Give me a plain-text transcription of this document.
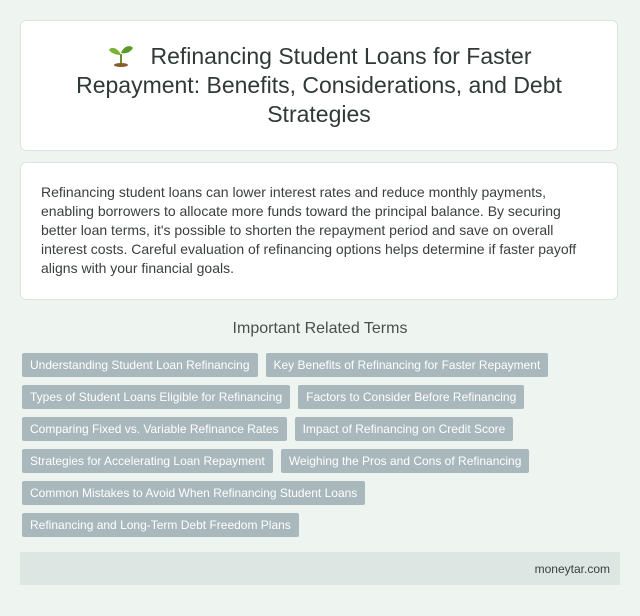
Refinancing Student Loans for Faster Repayment: Benefits, Considerations, and Debt Strategies

Refinancing student loans can lower interest rates and reduce monthly payments, enabling borrowers to allocate more funds toward the principal balance. By securing better loan terms, it's possible to shorten the repayment period and save on overall interest costs. Careful evaluation of refinancing options helps determine if faster payoff aligns with your financial goals.

Important Related Terms
Understanding Student Loan Refinancing	Key Benefits of Refinancing for Faster Repayment
Types of Student Loans Eligible for Refinancing	Factors to Consider Before Refinancing
Comparing Fixed vs. Variable Refinance Rates	Impact of Refinancing on Credit Score
Strategies for Accelerating Loan Repayment	Weighing the Pros and Cons of Refinancing
Common Mistakes to Avoid When Refinancing Student Loans
Refinancing and Long-Term Debt Freedom Plans
moneytar.com
